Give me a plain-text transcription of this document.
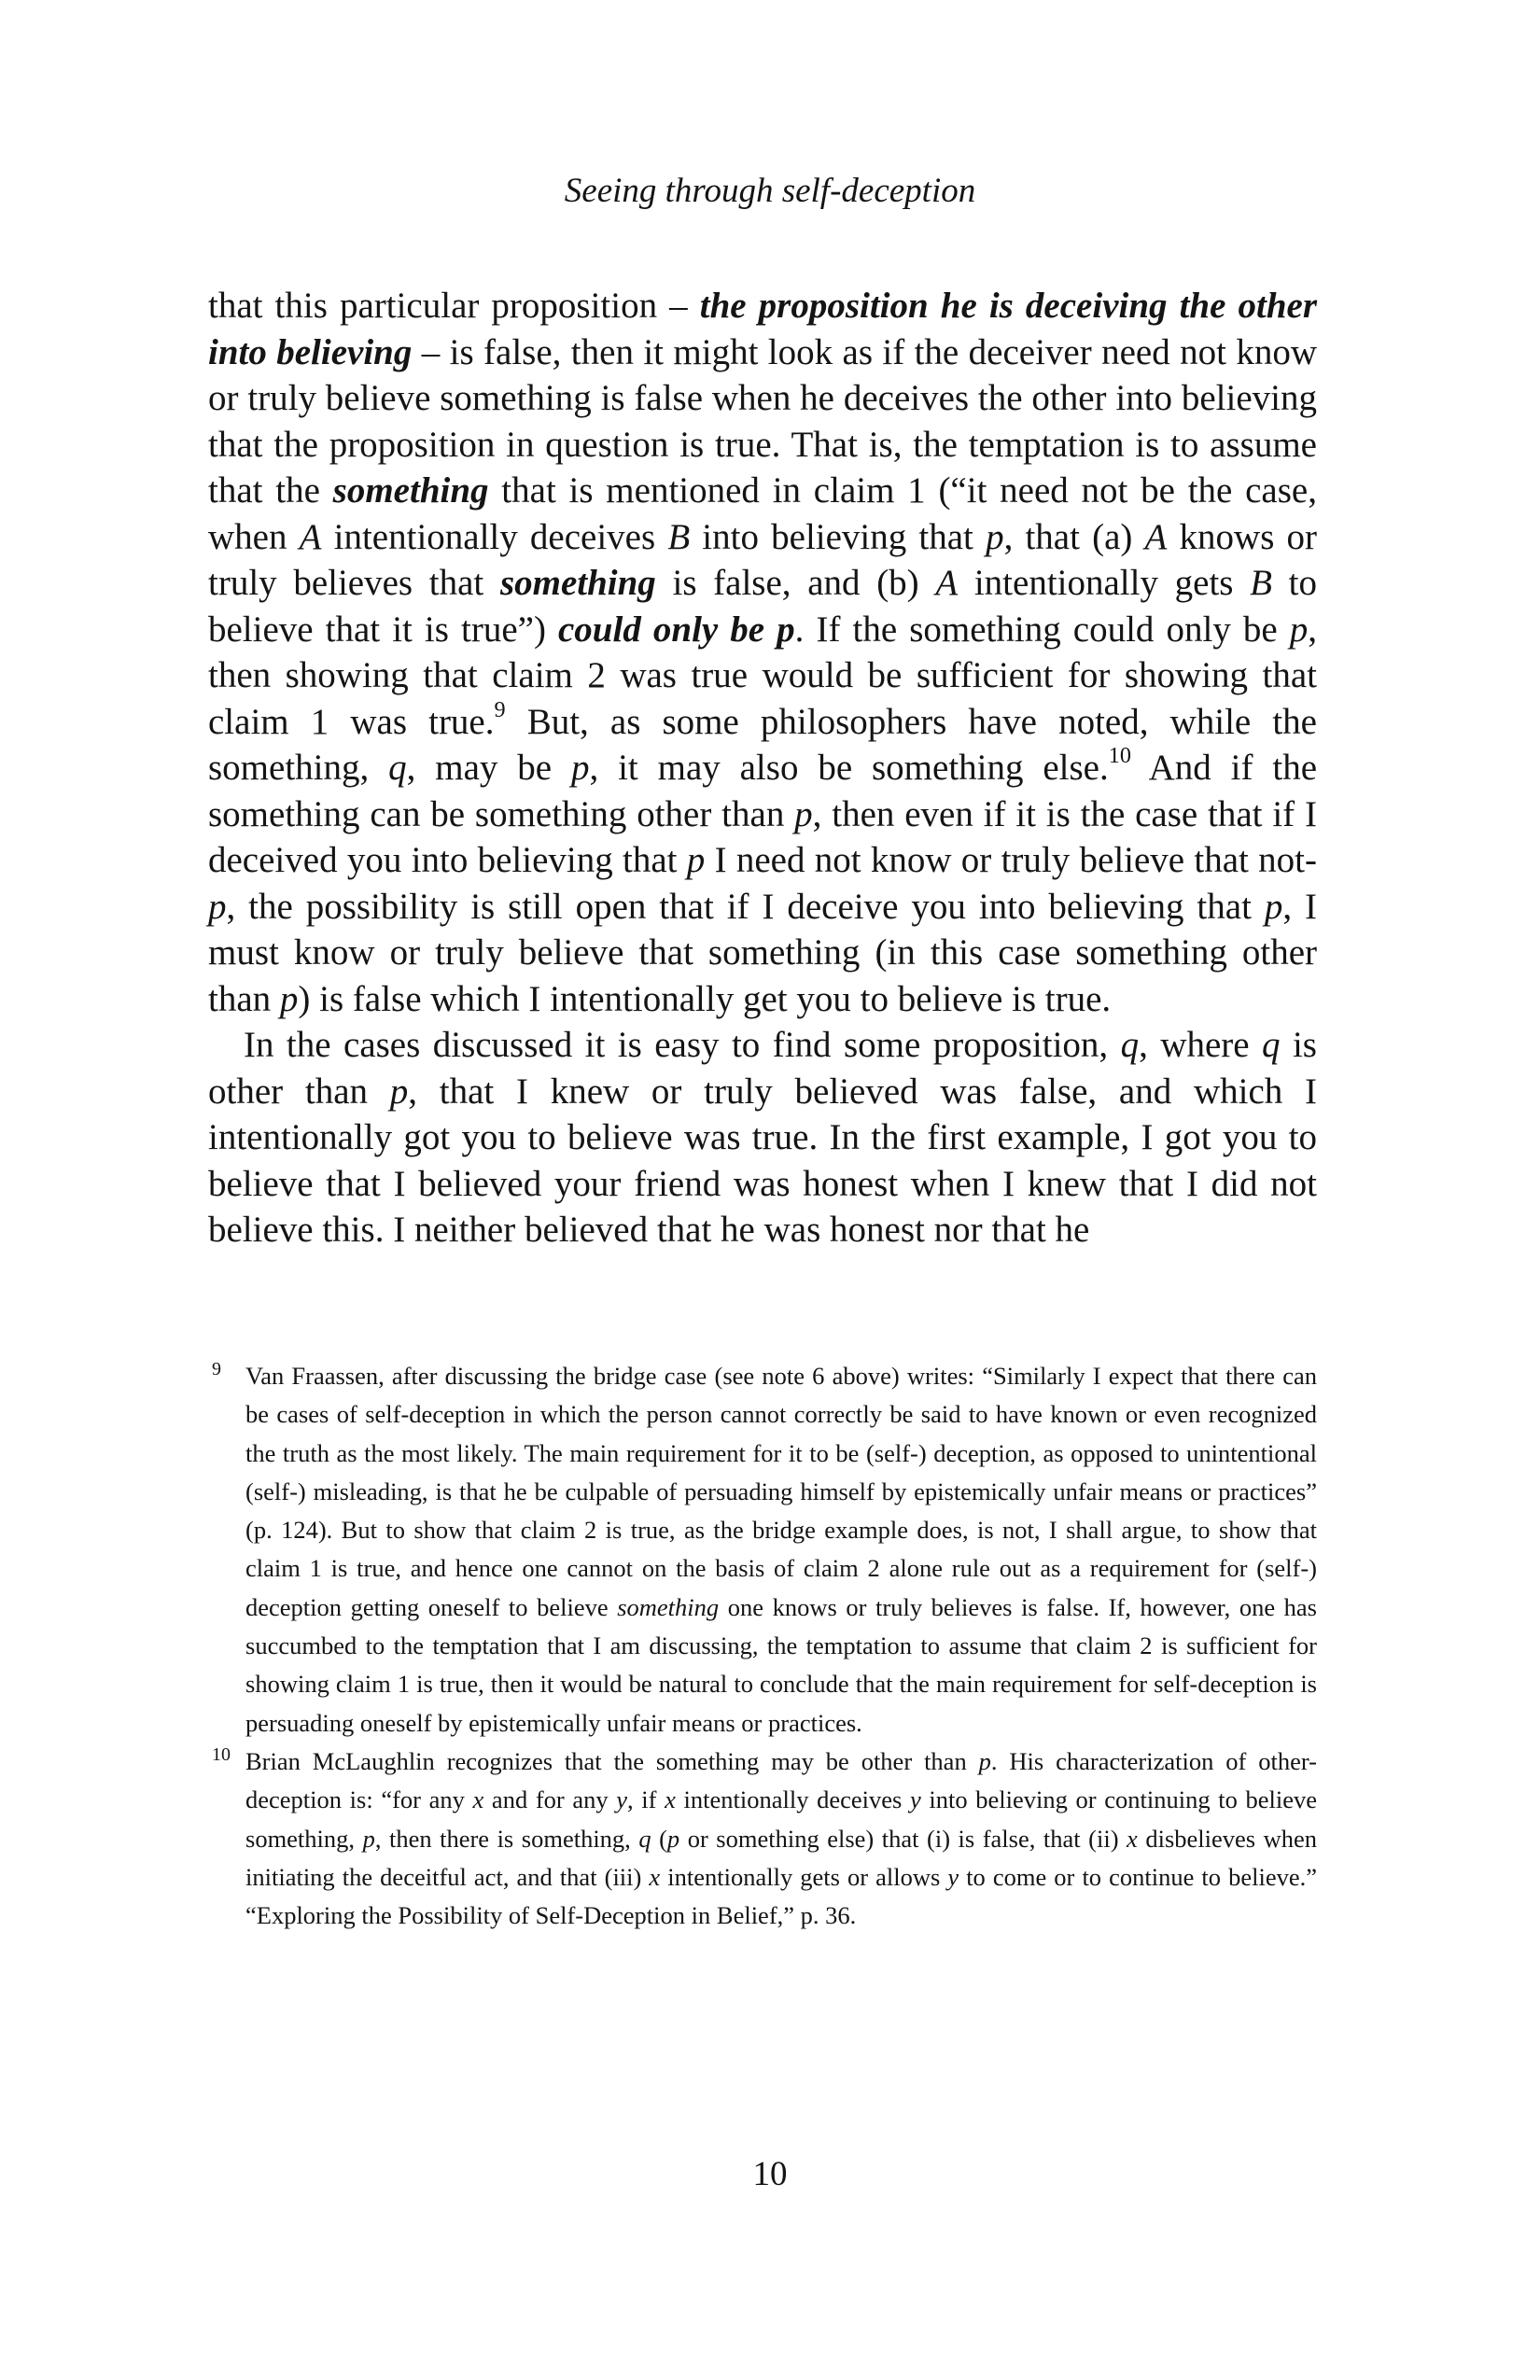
Seeing through self-deception

that this particular proposition – the proposition he is deceiving the other into believing – is false, then it might look as if the deceiver need not know or truly believe something is false when he deceives the other into believing that the proposition in question is true. That is, the temptation is to assume that the something that is mentioned in claim 1 (“it need not be the case, when A intentionally deceives B into believing that p, that (a) A knows or truly believes that something is false, and (b) A intentionally gets B to believe that it is true”) could only be p. If the something could only be p, then showing that claim 2 was true would be sufficient for showing that claim 1 was true.$^9$ But, as some philosophers have noted, while the something, q, may be p, it may also be something else.$^{10}$ And if the something can be something other than p, then even if it is the case that if I deceived you into believing that p I need not know or truly believe that not-p, the possibility is still open that if I deceive you into believing that p, I must know or truly believe that something (in this case something other than p) is false which I intentionally get you to believe is true.

In the cases discussed it is easy to find some proposition, q, where q is other than p, that I knew or truly believed was false, and which I intentionally got you to believe was true. In the first example, I got you to believe that I believed your friend was honest when I knew that I did not believe this. I neither believed that he was honest nor that he

9 Van Fraassen, after discussing the bridge case (see note 6 above) writes: “Similarly I expect that there can be cases of self-deception in which the person cannot correctly be said to have known or even recognized the truth as the most likely. The main requirement for it to be (self-) deception, as opposed to unintentional (self-) misleading, is that he be culpable of persuading himself by epistemically unfair means or practices” (p. 124). But to show that claim 2 is true, as the bridge example does, is not, I shall argue, to show that claim 1 is true, and hence one cannot on the basis of claim 2 alone rule out as a requirement for (self-) deception getting oneself to believe something one knows or truly believes is false. If, however, one has succumbed to the temptation that I am discussing, the temptation to assume that claim 2 is sufficient for showing claim 1 is true, then it would be natural to conclude that the main requirement for self-deception is persuading oneself by epistemically unfair means or practices.
10 Brian McLaughlin recognizes that the something may be other than p. His characterization of other-deception is: “for any x and for any y, if x intentionally deceives y into believing or continuing to believe something, p, then there is something, q (p or something else) that (i) is false, that (ii) x disbelieves when initiating the deceitful act, and that (iii) x intentionally gets or allows y to come or to continue to believe.” “Exploring the Possibility of Self-Deception in Belief,” p. 36.
10
